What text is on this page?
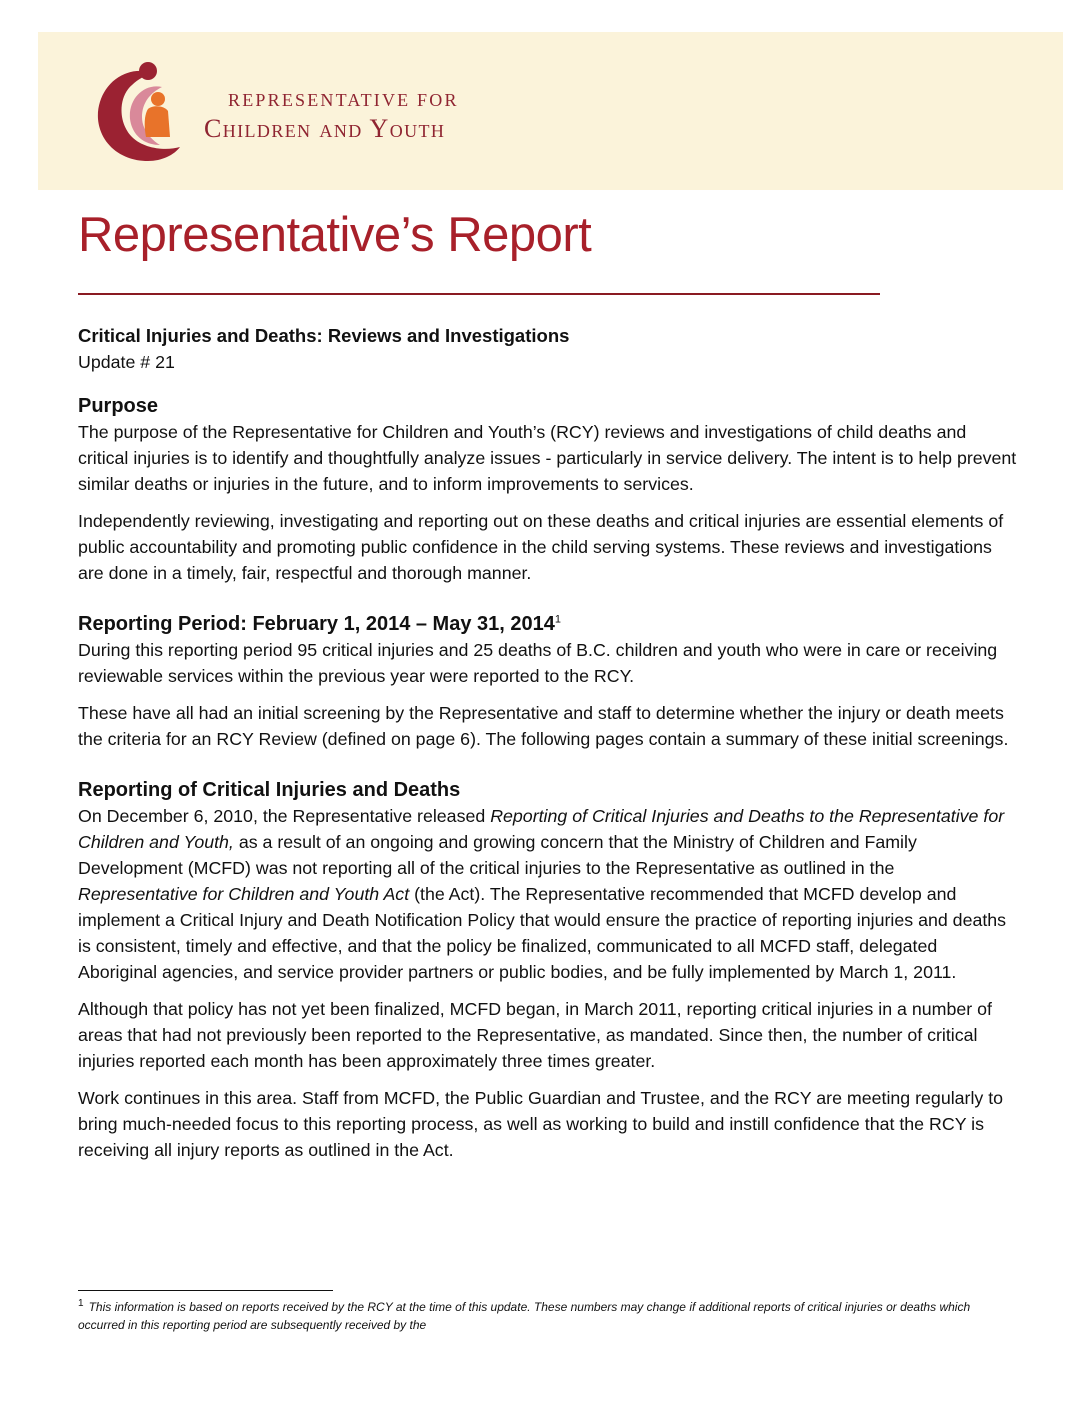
REPRESENTATIVE FOR
Children and Youth
Representative’s Report
Critical Injuries and Deaths: Reviews and Investigations
Update # 21
Purpose

The purpose of the Representative for Children and Youth’s (RCY) reviews and investigations of child deaths and critical injuries is to identify and thoughtfully analyze issues - particularly in service delivery. The intent is to help prevent similar deaths or injuries in the future, and to inform improvements to services.

Independently reviewing, investigating and reporting out on these deaths and critical injuries are essential elements of public accountability and promoting public confidence in the child serving systems. These reviews and investigations are done in a timely, fair, respectful and thorough manner.

Reporting Period: February 1, 2014 – May 31, 2014$^1$

During this reporting period 95 critical injuries and 25 deaths of B.C. children and youth who were in care or receiving reviewable services within the previous year were reported to the RCY.

These have all had an initial screening by the Representative and staff to determine whether the injury or death meets the criteria for an RCY Review (defined on page 6). The following pages contain a summary of these initial screenings.

Reporting of Critical Injuries and Deaths

On December 6, 2010, the Representative released Reporting of Critical Injuries and Deaths to the Representative for Children and Youth, as a result of an ongoing and growing concern that the Ministry of Children and Family Development (MCFD) was not reporting all of the critical injuries to the Representative as outlined in the Representative for Children and Youth Act (the Act). The Representative recommended that MCFD develop and implement a Critical Injury and Death Notification Policy that would ensure the practice of reporting injuries and deaths is consistent, timely and effective, and that the policy be finalized, communicated to all MCFD staff, delegated Aboriginal agencies, and service provider partners or public bodies, and be fully implemented by March 1, 2011.

Although that policy has not yet been finalized, MCFD began, in March 2011, reporting critical injuries in a number of areas that had not previously been reported to the Representative, as mandated. Since then, the number of critical injuries reported each month has been approximately three times greater.

Work continues in this area. Staff from MCFD, the Public Guardian and Trustee, and the RCY are meeting regularly to bring much-needed focus to this reporting process, as well as working to build and instill confidence that the RCY is receiving all injury reports as outlined in the Act.

$^1$ This information is based on reports received by the RCY at the time of this update. These numbers may change if additional reports of critical injuries or deaths which occurred in this reporting period are subsequently received by the
